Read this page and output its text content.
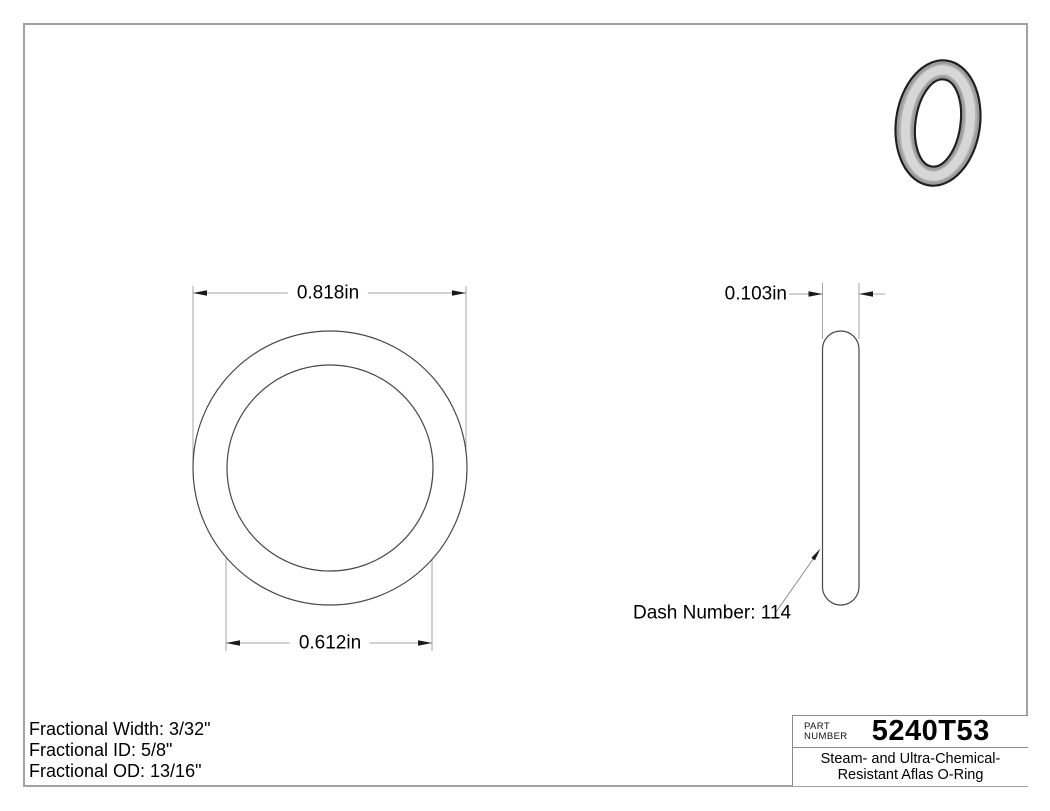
0.818in
0.612in
0.103in
Dash Number: 114
Fractional Width: 3/32"
Fractional ID: 5/8"
Fractional OD: 13/16"
PART
NUMBER 5240T53
Steam- and Ultra-Chemical-
Resistant Aflas O-Ring
